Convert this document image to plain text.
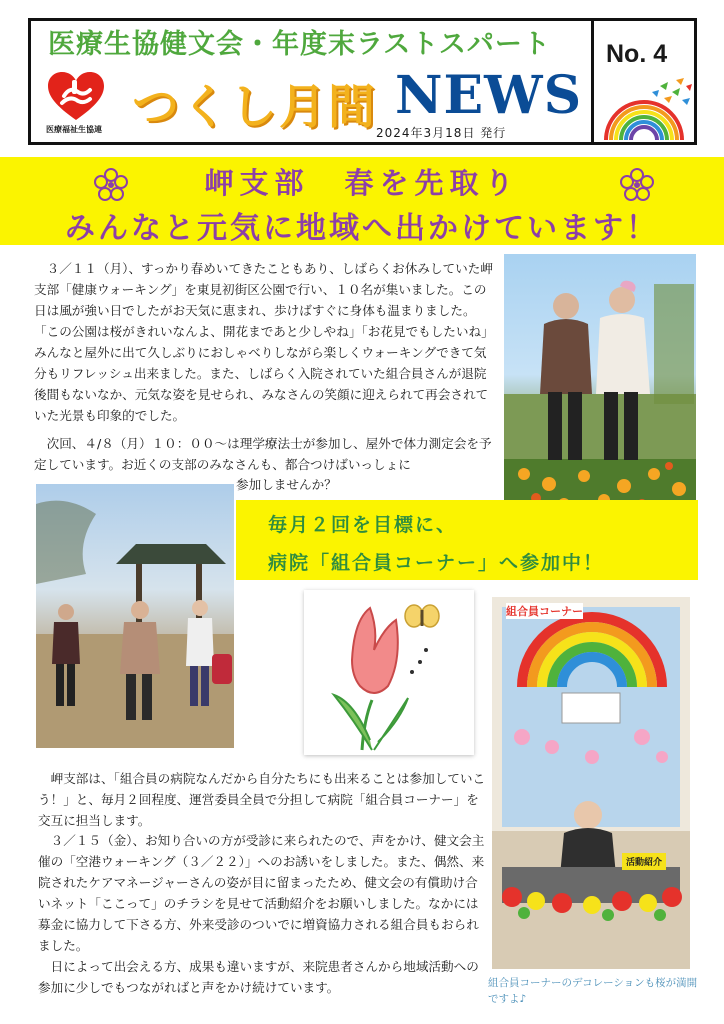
医療生協健文会・年度末ラストスパート
医療福祉生協連 つくし月間 NEWS
2024年3月18日 発行
No. 4
岬支部　春を先取り
みんなと元気に地域へ出かけています！
３／１１（月）、すっかり春めいてきたこともあり、しばらくお休みしていた岬支部「健康ウォーキング」を東見初街区公園で行い、１０名が集いました。この日は風が強い日でしたがお天気に恵まれ、歩けばすぐに身体も温まりました。「この公園は桜がきれいなんよ、開花まであと少しやね」「お花見でもしたいね」みんなと屋外に出て久しぶりにおしゃべりしながら楽しくウォーキングできて気分もリフレッシュ出来ました。また、しばらく入院されていた組合員さんが退院後間もないなか、元気な姿を見せられ、みなさんの笑顔に迎えられて再会されていた光景も印象的でした。
次回、４/８（月）１０：００～は理学療法士が参加し、屋外で体力測定会を予定しています。お近くの支部のみなさんも、都合つけばいっしょに
参加しませんか？
毎月２回を目標に、
病院「組合員コーナー」へ参加中！
組合員コーナー
活動紹介
岬支部は、「組合員の病院なんだから自分たちにも出来ることは参加していこう！」と、毎月２回程度、運営委員全員で分担して病院「組合員コーナー」を交互に担当します。
３／１５（金）、お知り合いの方が受診に来られたので、声をかけ、健文会主催の「空港ウォーキング（３／２２）」へのお誘いをしました。また、偶然、来院されたケアマネージャーさんの姿が目に留まったため、健文会の有償助け合いネット「ここって」のチラシを見せて活動紹介をお願いしました。なかには募金に協力して下さる方、外来受診のついでに増資協力される組合員もおられました。
日によって出会える方、成果も違いますが、来院患者さんから地域活動への参加に少しでもつながればと声をかけ続けています。	組合員コーナーのデコレーションも桜が満開ですよ♪
